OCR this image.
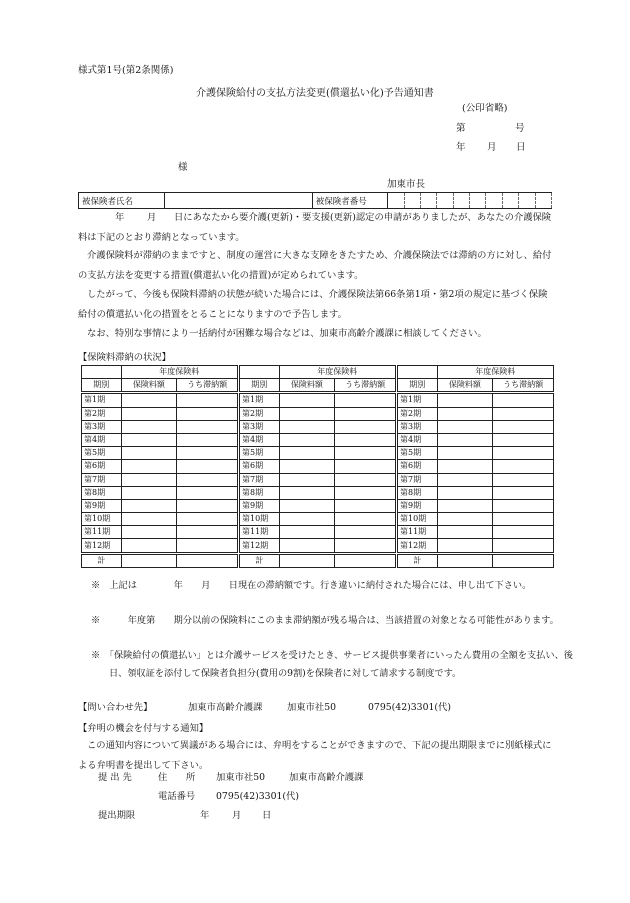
様式第1号(第2条関係)
介護保険給付の支払方法変更(償還払い化)予告通知書
(公印省略)
第	号
年 月 日
様
加東市長
被保険者氏名		被保険者番号										
年 月	日にあなたから要介護(更新)・要支援(更新)認定の申請がありましたが、あなたの介護保険料は下記のとおり滞納となっています。
介護保険料が滞納のままですと、制度の運営に大きな支障をきたすため、介護保険法では滞納の方に対し、給付の支払方法を変更する措置(償還払い化の措置)が定められています。
したがって、今後も保険料滞納の状態が続いた場合には、介護保険法第66条第1項・第2項の規定に基づく保険給付の償還払い化の措置をとることになりますので予告します。
なお、特別な事情により一括納付が困難な場合などは、加東市高齢介護課に相談してください。
【保険料滞納の状況】
	年度保険料	
期別	保険料額	うち滞納額
第1期		
第2期		
第3期		
第4期		
第5期		
第6期		
第7期		
第8期		
第9期		
第10期		
第11期		
第12期		
計		
	年度保険料	
期別	保険料額	うち滞納額
第1期		
第2期		
第3期		
第4期		
第5期		
第6期		
第7期		
第8期		
第9期		
第10期		
第11期		
第12期		
計		
	年度保険料	
期別	保険料額	うち滞納額
第1期		
第2期		
第3期		
第4期		
第5期		
第6期		
第7期		
第8期		
第9期		
第10期		
第11期		
第12期		
計		
※　 上記は　　　　年　　月　　日現在の滞納額です。行き違いに納付された場合には、申し出て下さい。
※　　　年度第　　期分以前の保険料にこのまま滞納額が残る場合は、当該措置の対象となる可能性があります。
※　 「保険給付の償還払い」とは介護サービスを受けたとき、サービス提供事業者にいったん費用の全額を支払い、後日、領収証を添付して保険者負担分(費用の9割)を保険者に対して請求する制度です。
【問い合わせ先】	加東市高齢介護課	加東市社50	0795(42)3301(代)
【弁明の機会を付与する通知】
この通知内容について異議がある場合には、弁明をすることができますので、下記の提出期限までに別紙様式による弁明書を提出して下さい。
提 出 先	住　　所 加東市社50	加東市高齢介護課
電話番号 0795(42)3301(代)
提出期限	年 月 日
